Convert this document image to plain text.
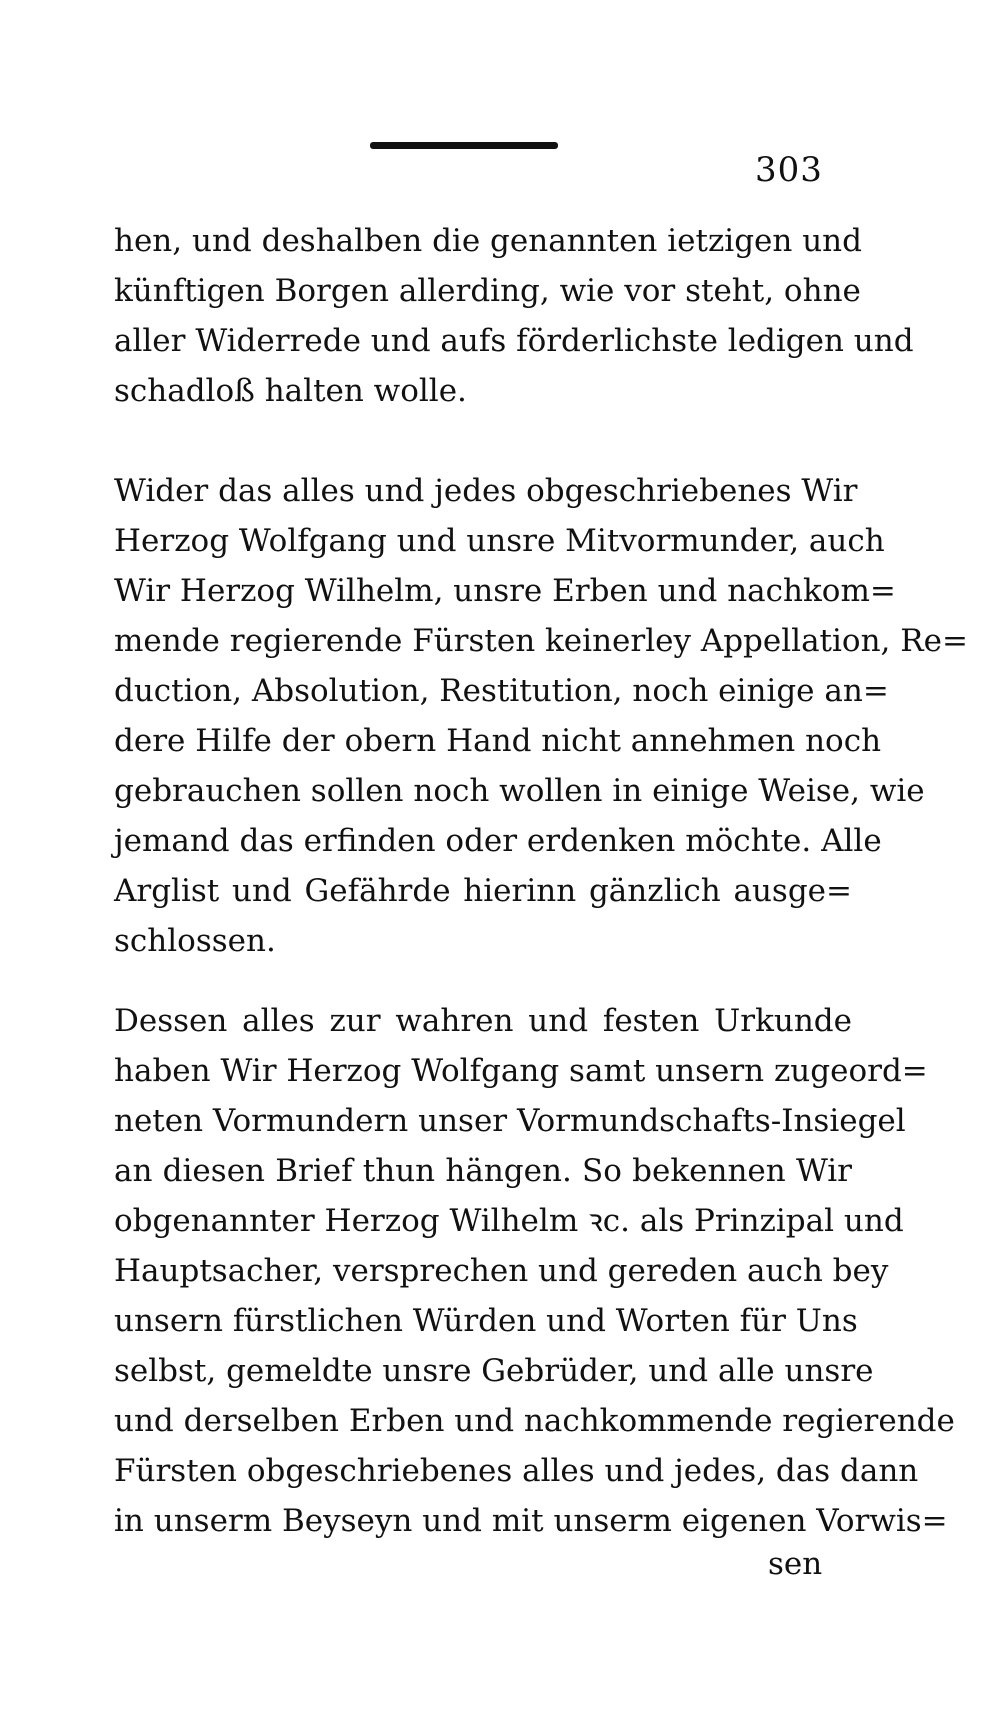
303
hen, und deshalben die genannten ietzigen und
künftigen Borgen allerding, wie vor steht, ohne
aller Widerrede und aufs förderlichste ledigen und
schadloß halten wolle.
Wider das alles und jedes obgeschriebenes Wir
Herzog Wolfgang und unsre Mitvormunder, auch
Wir Herzog Wilhelm, unsre Erben und nachkom=
mende regierende Fürsten keinerley Appellation, Re=
duction, Absolution, Restitution, noch einige an=
dere Hilfe der obern Hand nicht annehmen noch
gebrauchen sollen noch wollen in einige Weise, wie
jemand das erfinden oder erdenken möchte. Alle
Arglist und Gefährde hierinn gänzlich ausge=
schlossen.
Dessen alles zur wahren und festen Urkunde
haben Wir Herzog Wolfgang samt unsern zugeord=
neten Vormundern unser Vormundschafts-Insiegel
an diesen Brief thun hängen. So bekennen Wir
obgenannter Herzog Wilhelm ꝛc. als Prinzipal und
Hauptsacher, versprechen und gereden auch bey
unsern fürstlichen Würden und Worten für Uns
selbst, gemeldte unsre Gebrüder, und alle unsre
und derselben Erben und nachkommende regierende
Fürsten obgeschriebenes alles und jedes, das dann
in unserm Beyseyn und mit unserm eigenen Vorwis=
sen
